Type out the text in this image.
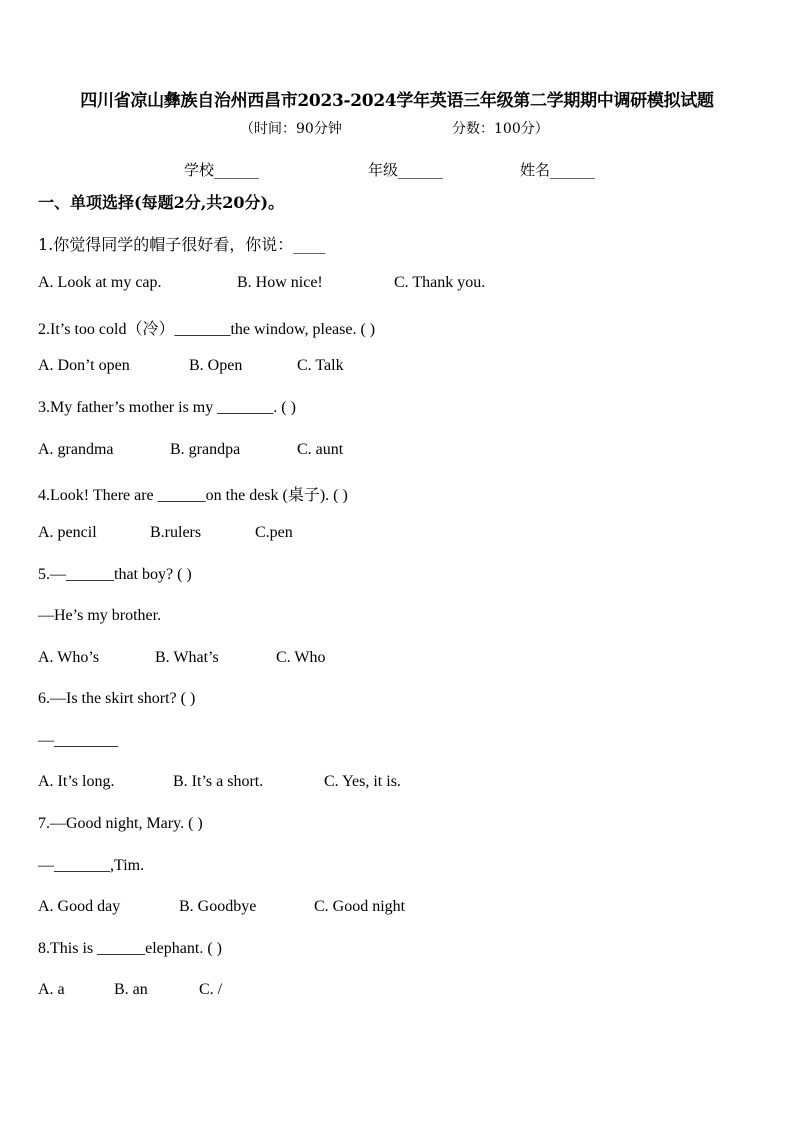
四川省凉山彝族自治州西昌市2023-2024学年英语三年级第二学期期中调研模拟试题
（时间：90分钟	分数：100分）
学校______	年级______	姓名______
一、单项选择(每题2分,共20分)。
1.你觉得同学的帽子很好看，你说：____
A. Look at my cap.	B. How nice!	C. Thank you.
2.It’s too cold（冷）_______the window, please. ( )
A. Don’t open	B. Open	C. Talk
3.My father’s mother is my _______. ( )
A. grandma	B. grandpa	C. aunt
4.Look! There are ______on the desk (桌子). ( )
A. pencil	B.rulers	C.pen
5.—______that boy? ( )
—He’s my brother.
A. Who’s	B. What’s	C. Who
6.—Is the skirt short? ( )
—________
A. It’s long.	B. It’s a short.	C. Yes, it is.
7.—Good night, Mary. ( )
—_______,Tim.
A. Good day	B. Goodbye	C. Good night
8.This is ______elephant. ( )
A. a	B. an	C. /
